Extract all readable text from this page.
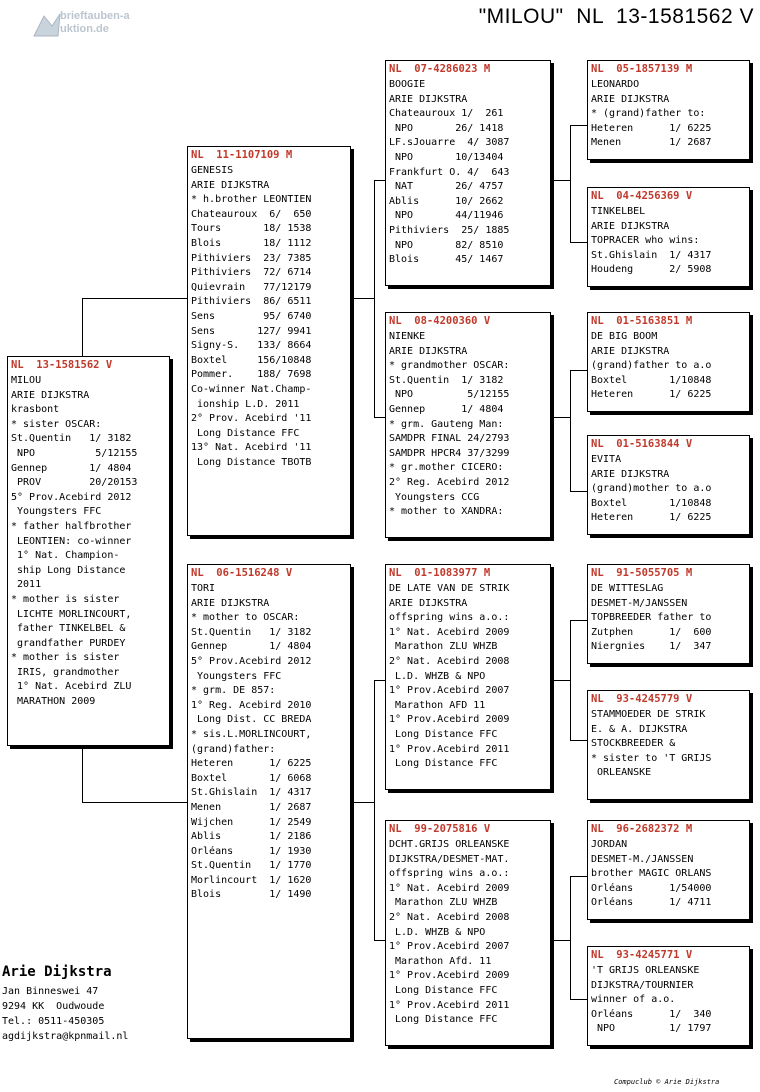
brieftauben-auktion.de
"MILOU"  NL  13-1581562 V
NL  13-1581562 V
MILOU
ARIE DIJKSTRA
krasbont
* sister OSCAR:
St.Quentin   1/ 3182
NPO          5/12155
Gennep       1/ 4804
PROV        20/20153
5° Prov.Acebird 2012
Youngsters FFC
* father halfbrother
LEONTIEN: co-winner
1° Nat. Champion-
ship Long Distance
2011
* mother is sister
LICHTE MORLINCOURT,
father TINKELBEL &
grandfather PURDEY
* mother is sister
IRIS, grandmother
1° Nat. Acebird ZLU
MARATHON 2009
NL  11-1107109 M
GENESIS
ARIE DIJKSTRA
* h.brother LEONTIEN
Chateauroux  6/  650
Tours       18/ 1538
Blois       18/ 1112
Pithiviers  23/ 7385
Pithiviers  72/ 6714
Quievrain   77/12179
Pithiviers  86/ 6511
Sens        95/ 6740
Sens       127/ 9941
Signy-S.   133/ 8664
Boxtel     156/10848
Pommer.    188/ 7698
Co-winner Nat.Champ-
ionship L.D. 2011
2° Prov. Acebird '11
Long Distance FFC
13° Nat. Acebird '11
Long Distance TBOTB
NL  06-1516248 V
TORI
ARIE DIJKSTRA
* mother to OSCAR:
St.Quentin   1/ 3182
Gennep       1/ 4804
5° Prov.Acebird 2012
Youngsters FFC
* grm. DE 857:
1° Reg. Acebird 2010
Long Dist. CC BREDA
* sis.L.MORLINCOURT,
(grand)father:
Heteren      1/ 6225
Boxtel       1/ 6068
St.Ghislain  1/ 4317
Menen        1/ 2687
Wijchen      1/ 2549
Ablis        1/ 2186
Orléans      1/ 1930
St.Quentin   1/ 1770
Morlincourt  1/ 1620
Blois        1/ 1490
NL  07-4286023 M
BOOGIE
ARIE DIJKSTRA
Chateauroux 1/  261
NPO       26/ 1418
LF.sJouarre  4/ 3087
NPO       10/13404
Frankfurt O. 4/  643
NAT       26/ 4757
Ablis      10/ 2662
NPO       44/11946
Pithiviers  25/ 1885
NPO       82/ 8510
Blois      45/ 1467
NL  08-4200360 V
NIENKE
ARIE DIJKSTRA
* grandmother OSCAR:
St.Quentin  1/ 3182
NPO         5/12155
Gennep      1/ 4804
* grm. Gauteng Man:
SAMDPR FINAL 24/2793
SAMDPR HPCR4 37/3299
* gr.mother CICERO:
2° Reg. Acebird 2012
Youngsters CCG
* mother to XANDRA:
NL  01-1083977 M
DE LATE VAN DE STRIK
ARIE DIJKSTRA
offspring wins a.o.:
1° Nat. Acebird 2009
Marathon ZLU WHZB
2° Nat. Acebird 2008
L.D. WHZB & NPO
1° Prov.Acebird 2007
Marathon AFD 11
1° Prov.Acebird 2009
Long Distance FFC
1° Prov.Acebird 2011
Long Distance FFC
NL  99-2075816 V
DCHT.GRIJS ORLEANSKE
DIJKSTRA/DESMET-MAT.
offspring wins a.o.:
1° Nat. Acebird 2009
Marathon ZLU WHZB
2° Nat. Acebird 2008
L.D. WHZB & NPO
1° Prov.Acebird 2007
Marathon Afd. 11
1° Prov.Acebird 2009
Long Distance FFC
1° Prov.Acebird 2011
Long Distance FFC
NL  05-1857139 M
LEONARDO
ARIE DIJKSTRA
* (grand)father to:
Heteren      1/ 6225
Menen        1/ 2687
NL  04-4256369 V
TINKELBEL
ARIE DIJKSTRA
TOPRACER who wins:
St.Ghislain  1/ 4317
Houdeng      2/ 5908
NL  01-5163851 M
DE BIG BOOM
ARIE DIJKSTRA
(grand)father to a.o
Boxtel       1/10848
Heteren      1/ 6225
NL  01-5163844 V
EVITA
ARIE DIJKSTRA
(grand)mother to a.o
Boxtel       1/10848
Heteren      1/ 6225
NL  91-5055705 M
DE WITTESLAG
DESMET-M/JANSSEN
TOPBREEDER father to
Zutphen      1/  600
Niergnies    1/  347
NL  93-4245779 V
STAMMOEDER DE STRIK
E. & A. DIJKSTRA
STOCKBREEDER &
* sister to 'T GRIJS
ORLEANSKE
NL  96-2682372 M
JORDAN
DESMET-M./JANSSEN
brother MAGIC ORLANS
Orléans      1/54000
Orléans      1/ 4711
NL  93-4245771 V
'T GRIJS ORLEANSKE
DIJKSTRA/TOURNIER
winner of a.o.
Orléans      1/  340
NPO         1/ 1797
Arie Dijkstra
Jan Binneswei 47
9294 KK  Oudwoude
Tel.: 0511-450305
agdijkstra@kpnmail.nl
Compuclub © Arie Dijkstra
